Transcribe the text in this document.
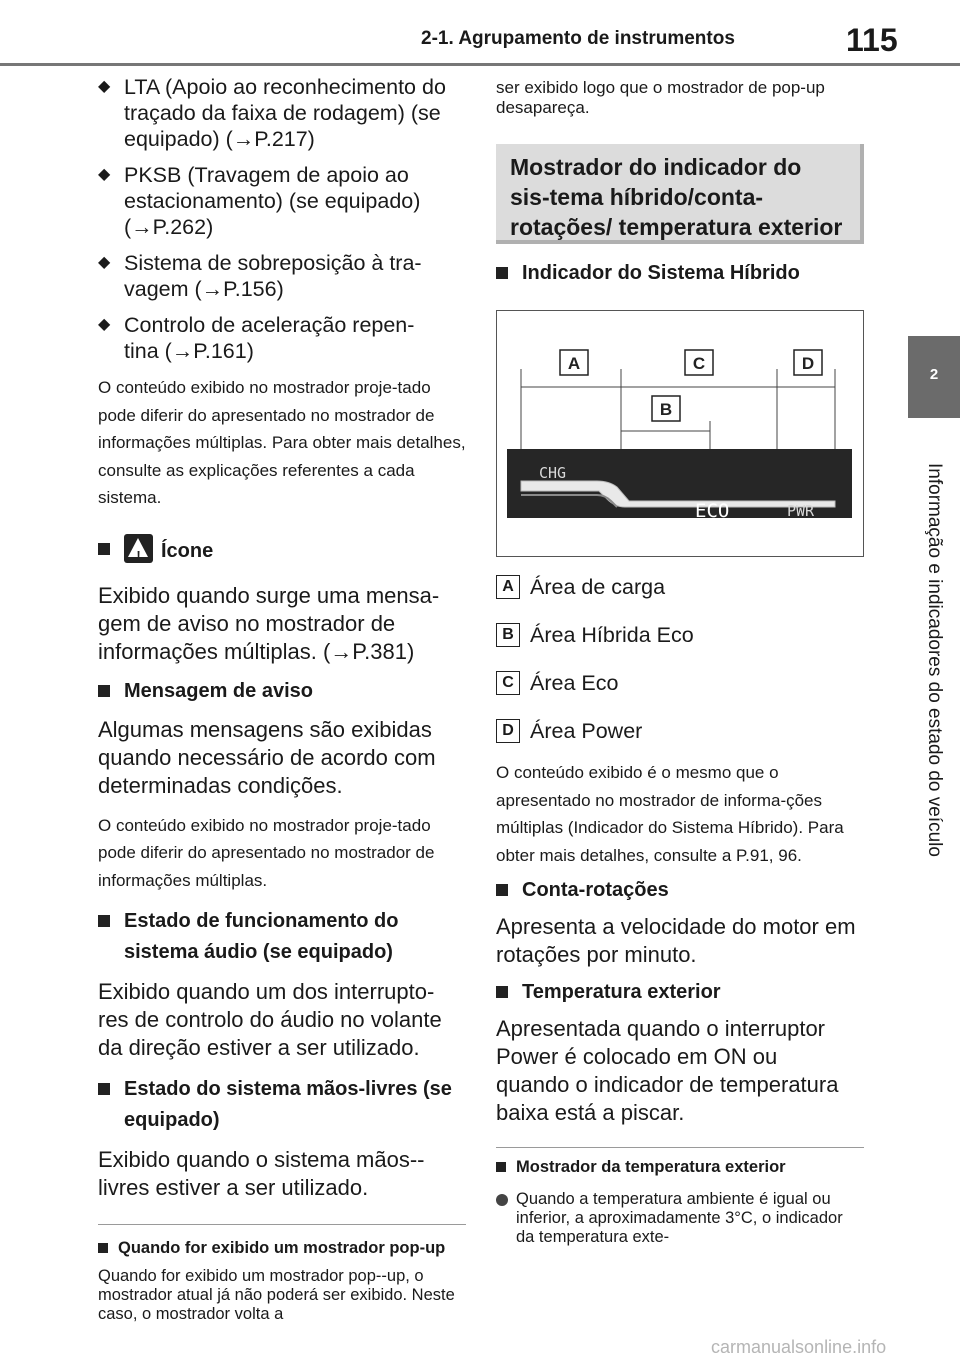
2-1. Agrupamento de instrumentos	115
2
Informação e indicadores do estado do veículo
◆ LTA (Apoio ao reconhecimento do traçado da faixa de rodagem) (se equipado) (→P.217)
◆ PKSB (Travagem de apoio ao estacionamento) (se equipado) (→P.262)
◆ Sistema de sobreposição à tra-vagem (→P.156)
◆ Controlo de aceleração repen-tina (→P.161)
O conteúdo exibido no mostrador proje-tado pode diferir do apresentado no mostrador de informações múltiplas. Para obter mais detalhes, consulte as explicações referentes a cada sistema.
!Ícone
Exibido quando surge uma mensa-gem de aviso no mostrador de informações múltiplas. (→P.381)
Mensagem de aviso
Algumas mensagens são exibidas quando necessário de acordo com determinadas condições.
O conteúdo exibido no mostrador proje-tado pode diferir do apresentado no mostrador de informações múltiplas.
Estado de funcionamento do sistema áudio (se equipado)
Exibido quando um dos interrupto-res de controlo do áudio no volante da direção estiver a ser utilizado.
Estado do sistema mãos-livres (se equipado)
Exibido quando o sistema mãos--livres estiver a ser utilizado.
Quando for exibido um mostrador pop-up
Quando for exibido um mostrador pop--up, o mostrador atual já não poderá ser exibido. Neste caso, o mostrador volta a
ser exibido logo que o mostrador de pop-up desapareça.
Mostrador do indicador do sis-tema híbrido/conta-rotações/ temperatura exterior
Indicador do Sistema Híbrido
A	C	D
B
CHG
ECO	PWR
A Área de carga
B Área Híbrida Eco
C Área Eco
D Área Power
O conteúdo exibido é o mesmo que o apresentado no mostrador de informa-ções múltiplas (Indicador do Sistema Híbrido). Para obter mais detalhes, consulte a P.91, 96.
Conta-rotações
Apresenta a velocidade do motor em rotações por minuto.
Temperatura exterior
Apresentada quando o interruptor Power é colocado em ON ou quando o indicador de temperatura baixa está a piscar.
Mostrador da temperatura exterior
Quando a temperatura ambiente é igual ou inferior, a aproximadamente 3°C, o indicador da temperatura exte-
carmanualsonline.info
